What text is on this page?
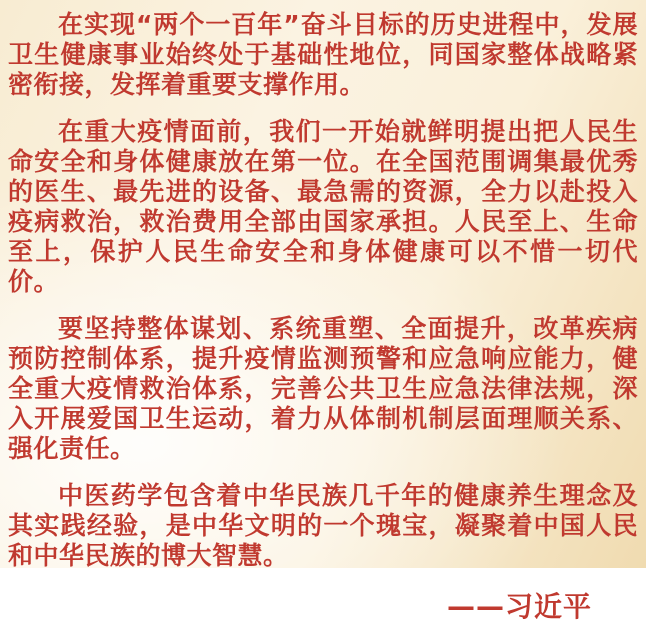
在实现“两个一百年”奋斗目标的历史进程中，发展卫生健康事业始终处于基础性地位，同国家整体战略紧密衔接，发挥着重要支撑作用。

在重大疫情面前，我们一开始就鲜明提出把人民生命安全和身体健康放在第一位。在全国范围调集最优秀的医生、最先进的设备、最急需的资源，全力以赴投入疫病救治，救治费用全部由国家承担。人民至上、生命至上，保护人民生命安全和身体健康可以不惜一切代价。

要坚持整体谋划、系统重塑、全面提升，改革疾病预防控制体系，提升疫情监测预警和应急响应能力，健全重大疫情救治体系，完善公共卫生应急法律法规，深入开展爱国卫生运动，着力从体制机制层面理顺关系、强化责任。

中医药学包含着中华民族几千年的健康养生理念及其实践经验，是中华文明的一个瑰宝，凝聚着中国人民和中华民族的博大智慧。

——习近平
